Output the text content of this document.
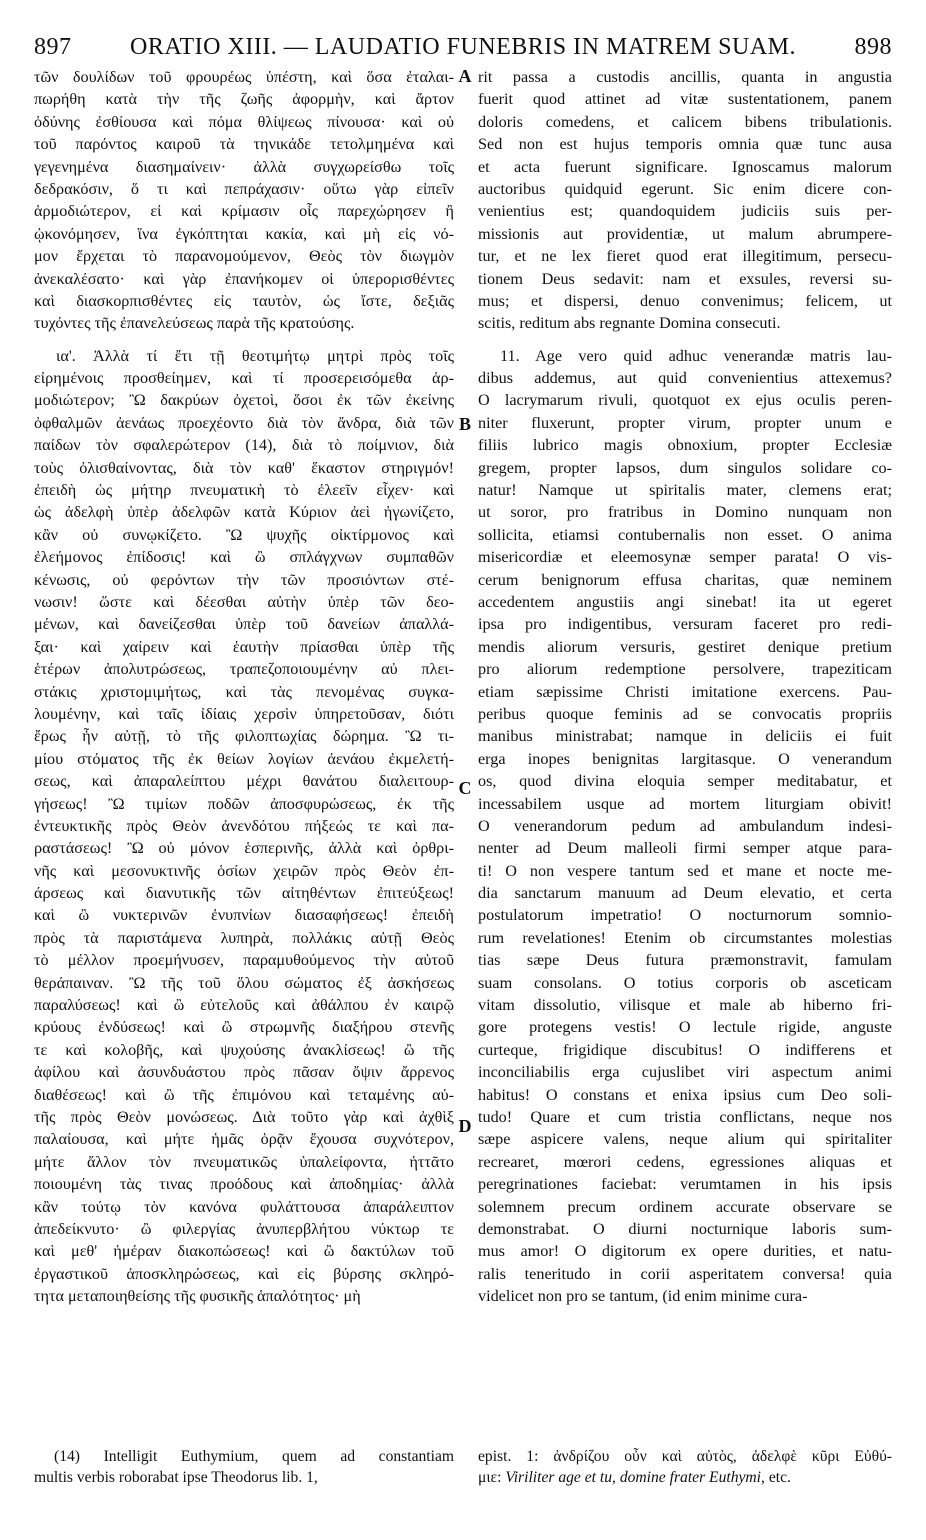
897	ORATIO XIII. — LAUDATIO FUNEBRIS IN MATREM SUAM.	898
τῶν δουλίδων τοῦ φρουρέως ὑπέστη, καὶ ὅσα ἐταλαι-
πωρήθη κατὰ τὴν τῆς ζωῆς ἀφορμὴν, καὶ ἄρτον
ὀδύνης ἐσθίουσα καὶ πόμα θλίψεως πίνουσα· καὶ οὐ
τοῦ παρόντος καιροῦ τὰ τηνικάδε τετολμημένα καὶ
γεγενημένα διασημαίνειν· ἀλλὰ συγχωρείσθω τοῖς
δεδρακόσιν, ὅ τι καὶ πεπράχασιν· οὕτω γὰρ εἰπεῖν
ἁρμοδιώτερον, εἰ καὶ κρίμασιν οἷς παρεχώρησεν ἢ
ᾠκονόμησεν, ἵνα ἐγκόπτηται κακία, καὶ μὴ εἰς νό-
μον ἔρχεται τὸ παρανομούμενον, Θεὸς τὸν διωγμὸν
ἀνεκαλέσατο· καὶ γὰρ ἐπανήκομεν οἱ ὑπερορισθέντες
καὶ διασκορπισθέντες εἰς ταυτὸν, ὡς ἴστε, δεξιᾶς
τυχόντες τῆς ἐπανελεύσεως παρὰ τῆς κρατούσης.
ια'. Ἀλλὰ τί ἔτι τῇ θεοτιμήτῳ μητρὶ πρὸς τοῖς
εἰρημένοις προσθείημεν, καὶ τί προσερεισόμεθα ἁρ-
μοδιώτερον; Ὢ δακρύων ὀχετοὶ, ὅσοι ἐκ τῶν ἐκείνης
ὀφθαλμῶν ἀενάως προεχέοντο διὰ τὸν ἄνδρα, διὰ τῶν
παίδων τὸν σφαλερώτερον (14), διὰ τὸ ποίμνιον, διὰ
τοὺς ὀλισθαίνοντας, διὰ τὸν καθ' ἕκαστον στηριγμόν!
ἐπειδὴ ὡς μήτηρ πνευματικὴ τὸ ἐλεεῖν εἶχεν· καὶ
ὡς ἀδελφὴ ὑπὲρ ἀδελφῶν κατὰ Κύριον ἀεὶ ἠγωνίζετο,
κἂν οὐ συνῳκίζετο. Ὢ ψυχῆς οἰκτίρμονος καὶ
ἐλεήμονος ἐπίδοσις! καὶ ὢ σπλάγχνων συμπαθῶν
κένωσις, οὐ φερόντων τὴν τῶν προσιόντων στέ-
νωσιν! ὥστε καὶ δέεσθαι αὐτὴν ὑπὲρ τῶν δεο-
μένων, καὶ δανείζεσθαι ὑπὲρ τοῦ δανείων ἀπαλλά-
ξαι· καὶ χαίρειν καὶ ἑαυτὴν πρίασθαι ὑπὲρ τῆς
ἑτέρων ἀπολυτρώσεως, τραπεζοποιουμένην αὐ πλει-
στάκις χριστομιμήτως, καὶ τὰς πενομένας συγκα-
λουμένην, καὶ ταῖς ἰδίαις χερσὶν ὑπηρετοῦσαν, διότι
ἔρως ἦν αὐτῇ, τὸ τῆς φιλοπτωχίας δώρημα. Ὢ τι-
μίου στόματος τῆς ἐκ θείων λογίων ἀενάου ἐκμελετή-
σεως, καὶ ἀπαραλείπτου μέχρι θανάτου διαλειτουρ-
γήσεως! Ὢ τιμίων ποδῶν ἀποσφυρώσεως, ἐκ τῆς
ἐντευκτικῆς πρὸς Θεὸν ἀνενδότου πήξεώς τε καὶ πα-
ραστάσεως! Ὢ οὐ μόνον ἑσπερινῆς, ἀλλὰ καὶ ὀρθρι-
νῆς καὶ μεσονυκτινῆς ὁσίων χειρῶν πρὸς Θεὸν ἐπ-
άρσεως καὶ διανυτικῆς τῶν αἰτηθέντων ἐπιτεύξεως!
καὶ ὢ νυκτερινῶν ἐνυπνίων διασαφήσεως! ἐπειδὴ
πρὸς τὰ παριστάμενα λυπηρὰ, πολλάκις αὐτῇ Θεὸς
τὸ μέλλον προεμήνυσεν, παραμυθούμενος τὴν αὐτοῦ
θεράπαιναν. Ὢ τῆς τοῦ ὅλου σώματος ἐξ ἀσκήσεως
παραλύσεως! καὶ ὢ εὐτελοῦς καὶ ἀθάλπου ἐν καιρῷ
κρύους ἐνδύσεως! καὶ ὢ στρωμνῆς διαξήρου στενῆς
τε καὶ κολοβῆς, καὶ ψυχούσης ἀνακλίσεως! ὢ τῆς
ἀφίλου καὶ ἀσυνδυάστου πρὸς πᾶσαν ὄψιν ἄρρενος
διαθέσεως! καὶ ὢ τῆς ἐπιμόνου καὶ τεταμένης αὐ-
τῆς πρὸς Θεὸν μονώσεως. Διὰ τοῦτο γὰρ καὶ ἀχθὶξ
παλαίουσα, καὶ μήτε ἡμᾶς ὁρᾷν ἔχουσα συχνότερον,
μήτε ἄλλον τὸν πνευματικῶς ὑπαλείφοντα, ἡττᾶτο
ποιουμένη τὰς τινας προόδους καὶ ἀποδημίας· ἀλλὰ
κἂν τούτῳ τὸν κανόνα φυλάττουσα ἀπαράλειπτον
ἀπεδείκνυτο· ὢ φιλεργίας ἀνυπερβλήτου νύκτωρ τε
καὶ μεθ' ἡμέραν διακοπώσεως! καὶ ὢ δακτύλων τοῦ
ἐργαστικοῦ ἀποσκληρώσεως, καὶ εἰς βύρσης σκληρό-
τητα μεταποιηθείσης τῆς φυσικῆς ἁπαλότητος· μὴ
rit passa a custodis ancillis, quanta in angustia
fuerit quod attinet ad vitæ sustentationem, panem
doloris comedens, et calicem bibens tribulationis.
Sed non est hujus temporis omnia quæ tunc ausa
et acta fuerunt significare. Ignoscamus malorum
auctoribus quidquid egerunt. Sic enim dicere con-
venientius est; quandoquidem judiciis suis per-
missionis aut providentiæ, ut malum abrumpere-
tur, et ne lex fieret quod erat illegitimum, persecu-
tionem Deus sedavit: nam et exsules, reversi su-
mus; et dispersi, denuo convenimus; felicem, ut
scitis, reditum abs regnante Domina consecuti.
11. Age vero quid adhuc venerandæ matris lau-
dibus addemus, aut quid convenientius attexemus?
O lacrymarum rivuli, quotquot ex ejus oculis peren-
niter fluxerunt, propter virum, propter unum e
filiis lubrico magis obnoxium, propter Ecclesiæ
gregem, propter lapsos, dum singulos solidare co-
natur! Namque ut spiritalis mater, clemens erat;
ut soror, pro fratribus in Domino nunquam non
sollicita, etiamsi contubernalis non esset. O anima
misericordiæ et eleemosynæ semper parata! O vis-
cerum benignorum effusa charitas, quæ neminem
accedentem angustiis angi sinebat! ita ut egeret
ipsa pro indigentibus, versuram faceret pro redi-
mendis aliorum versuris, gestiret denique pretium
pro aliorum redemptione persolvere, trapeziticam
etiam sæpissime Christi imitatione exercens. Pau-
peribus quoque feminis ad se convocatis propriis
manibus ministrabat; namque in deliciis ei fuit
erga inopes benignitas largitasque. O venerandum
os, quod divina eloquia semper meditabatur, et
incessabilem usque ad mortem liturgiam obivit!
O venerandorum pedum ad ambulandum indesi-
nenter ad Deum malleoli firmi semper atque para-
ti! O non vespere tantum sed et mane et nocte me-
dia sanctarum manuum ad Deum elevatio, et certa
postulatorum impetratio! O nocturnorum somnio-
rum revelationes! Etenim ob circumstantes molestias
tias sæpe Deus futura præmonstravit, famulam
suam consolans. O totius corporis ob asceticam
vitam dissolutio, vilisque et male ab hiberno fri-
gore protegens vestis! O lectule rigide, anguste
curteque, frigidique discubitus! O indifferens et
inconciliabilis erga cujuslibet viri aspectum animi
habitus! O constans et enixa ipsius cum Deo soli-
tudo! Quare et cum tristia conflictans, neque nos
sæpe aspicere valens, neque alium qui spiritaliter
recrearet, mœrori cedens, egressiones aliquas et
peregrinationes faciebat: verumtamen in his ipsis
solemnem precum ordinem accurate observare se
demonstrabat. O diurni nocturnique laboris sum-
mus amor! O digitorum ex opere durities, et natu-
ralis teneritudo in corii asperitatem conversa! quia
videlicet non pro se tantum, (id enim minime cura-
A
B
C
D
(14) Intelligit Euthymium, quem ad constantiam
multis verbis roborabat ipse Theodorus lib. 1,
epist. 1: ἀνδρίζου οὖν καὶ αὐτὸς, ἀδελφὲ κῦρι Εὐθύ-
μιε: Viriliter age et tu, domine frater Euthymi, etc.
